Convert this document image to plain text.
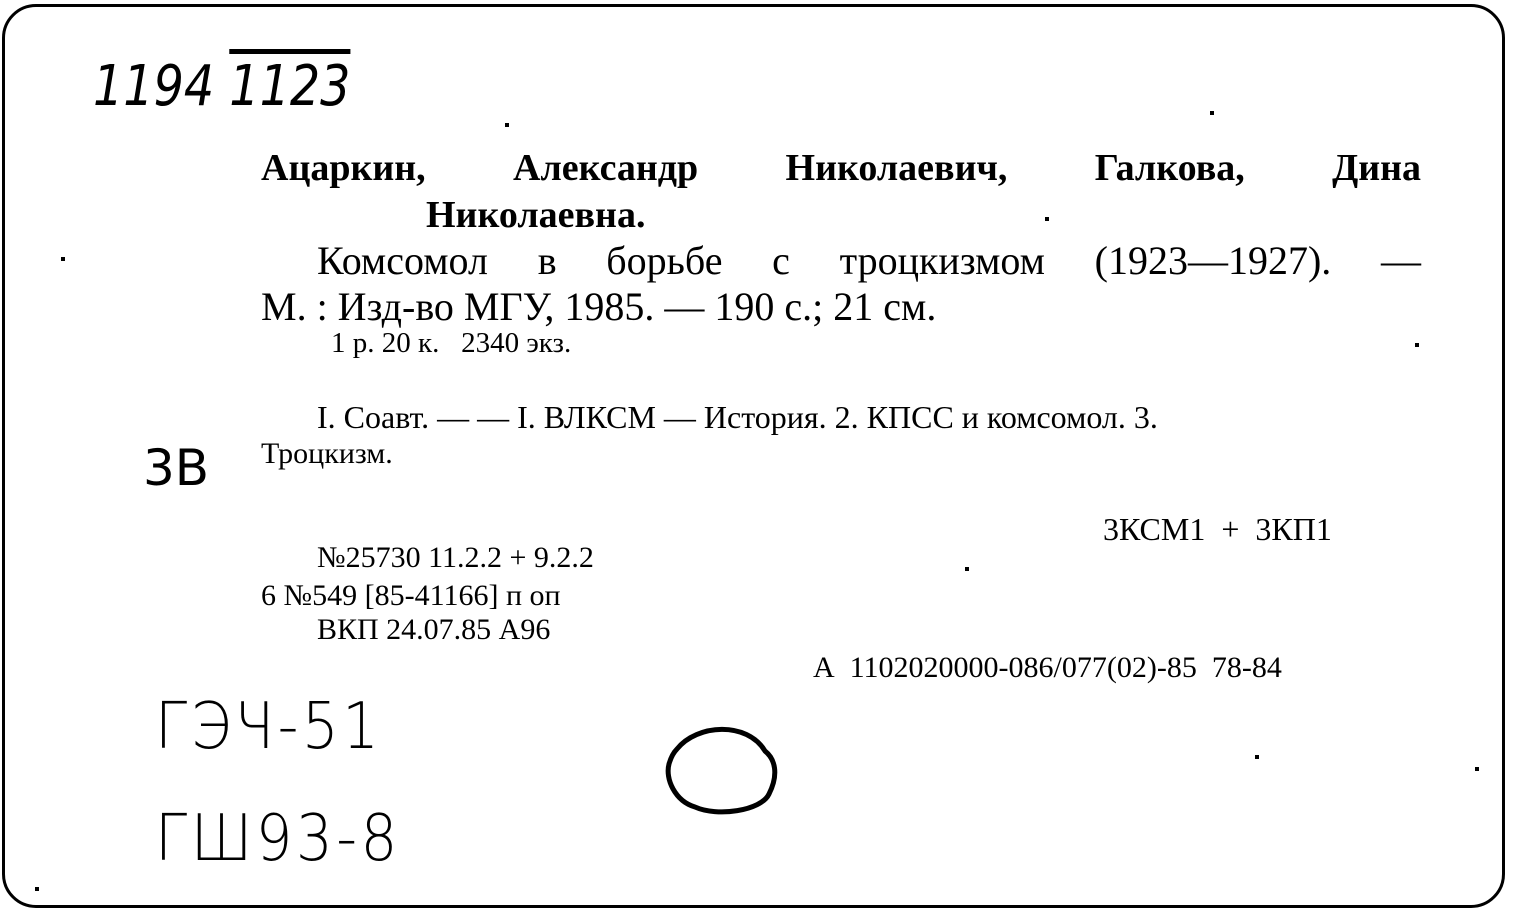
1194 1123
Ацаркин, Александр Николаевич, Галкова, Дина
Николаевна.
Комсомол в борьбе с троцкизмом (1923—1927). —
М. : Изд-во МГУ, 1985. — 190 с.; 21 см.
1 р. 20 к.   2340 экз.
I. Соавт. — — I. ВЛКСМ — История. 2. КПСС и комсомол. 3.
Троцкизм.
3В
3КСМ1  +  3КП1
№25730 11.2.2 + 9.2.2
6 №549 [85-41166] п оп
ВКП 24.07.85 А96
А  1102020000-086/077(02)-85  78-84
ГЭЧ-51
ГШ93-8
